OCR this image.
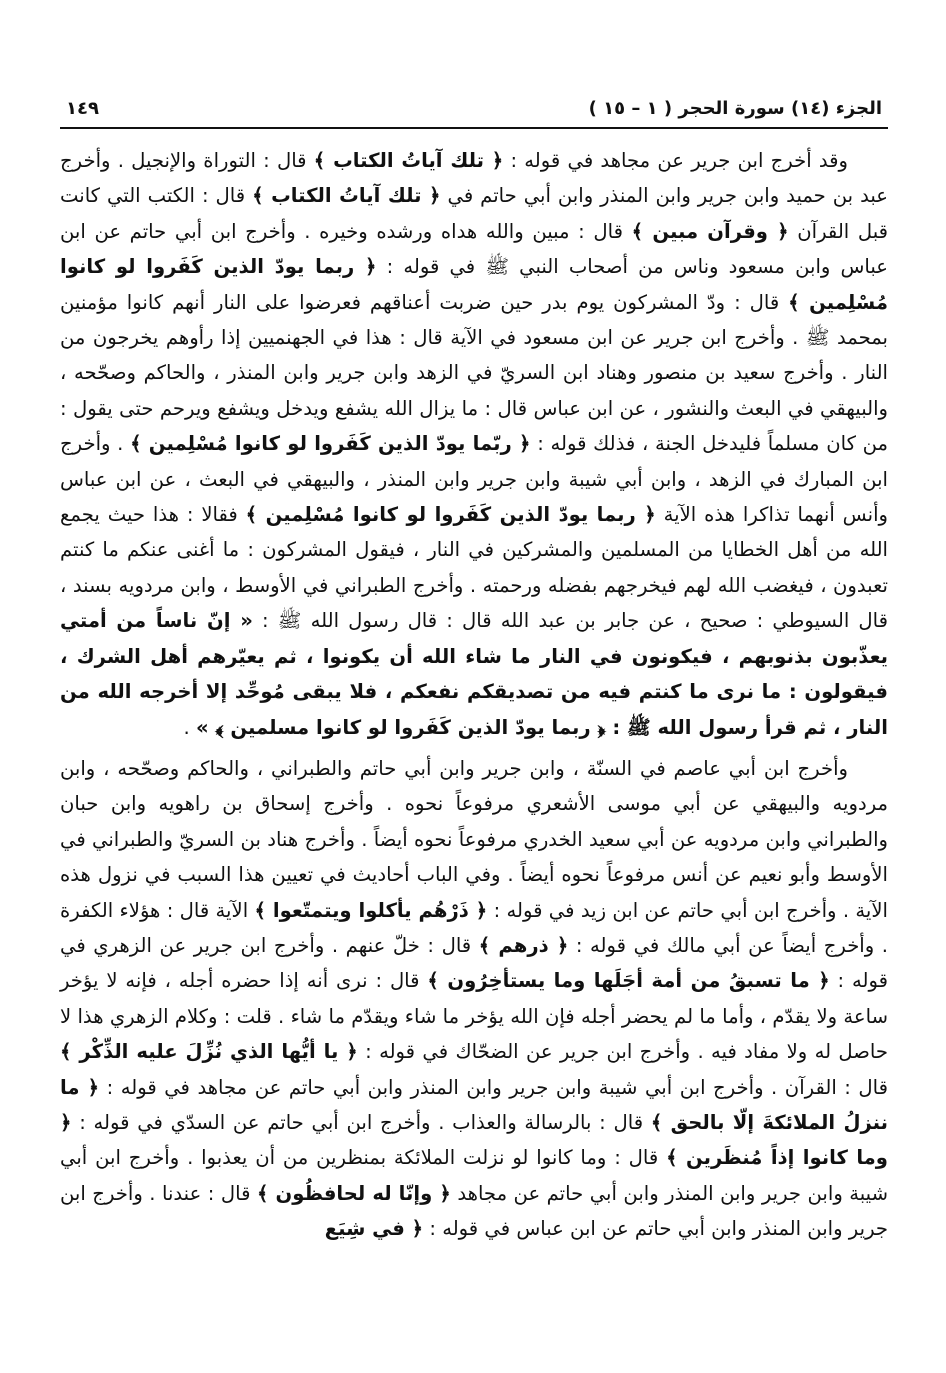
الجزء (١٤) سورة الحجر ( ١ – ١٥ )
١٤٩

وقد أخرج ابن جرير عن مجاهد في قوله : ﴿ تلك آياتُ الكتاب ﴾ قال : التوراة والإنجيل . وأخرج عبد بن حميد وابن جرير وابن المنذر وابن أبي حاتم في ﴿ تلك آياتُ الكتاب ﴾ قال : الكتب التي كانت قبل القرآن ﴿ وقرآن مبين ﴾ قال : مبين والله هداه ورشده وخيره . وأخرج ابن أبي حاتم عن ابن عباس وابن مسعود وناس من أصحاب النبي ﷺ في قوله : ﴿ ربما يودّ الذين كَفَروا لو كانوا مُسْلِمين ﴾ قال : ودّ المشركون يوم بدر حين ضربت أعناقهم فعرضوا على النار أنهم كانوا مؤمنين بمحمد ﷺ . وأخرج ابن جرير عن ابن مسعود في الآية قال : هذا في الجهنميين إذا رأوهم يخرجون من النار . وأخرج سعيد بن منصور وهناد ابن السريّ في الزهد وابن جرير وابن المنذر ، والحاكم وصحّحه ، والبيهقي في البعث والنشور ، عن ابن عباس قال : ما يزال الله يشفع ويدخل ويشفع ويرحم حتى يقول : من كان مسلماً فليدخل الجنة ، فذلك قوله : ﴿ ربّما يودّ الذين كَفَروا لو كانوا مُسْلِمين ﴾ . وأخرج ابن المبارك في الزهد ، وابن أبي شيبة وابن جرير وابن المنذر ، والبيهقي في البعث ، عن ابن عباس وأنس أنهما تذاكرا هذه الآية ﴿ ربما يودّ الذين كَفَروا لو كانوا مُسْلِمين ﴾ فقالا : هذا حيث يجمع الله من أهل الخطايا من المسلمين والمشركين في النار ، فيقول المشركون : ما أغنى عنكم ما كنتم تعبدون ، فيغضب الله لهم فيخرجهم بفضله ورحمته . وأخرج الطبراني في الأوسط ، وابن مردويه بسند ، قال السيوطي : صحيح ، عن جابر بن عبد الله قال : قال رسول الله ﷺ : « إنّ ناساً من أمتي يعذّبون بذنوبهم ، فيكونون في النار ما شاء الله أن يكونوا ، ثم يعيّرهم أهل الشرك ، فيقولون : ما نرى ما كنتم فيه من تصديقكم نفعكم ، فلا يبقى مُوحِّد إلا أخرجه الله من النار ، ثم قرأ رسول الله ﷺ : ﴿ ربما يودّ الذين كَفَروا لو كانوا مسلمين ﴾ » .

وأخرج ابن أبي عاصم في السنّة ، وابن جرير وابن أبي حاتم والطبراني ، والحاكم وصحّحه ، وابن مردويه والبيهقي عن أبي موسى الأشعري مرفوعاً نحوه . وأخرج إسحاق بن راهويه وابن حبان والطبراني وابن مردويه عن أبي سعيد الخدري مرفوعاً نحوه أيضاً . وأخرج هناد بن السريّ والطبراني في الأوسط وأبو نعيم عن أنس مرفوعاً نحوه أيضاً . وفي الباب أحاديث في تعيين هذا السبب في نزول هذه الآية . وأخرج ابن أبي حاتم عن ابن زيد في قوله : ﴿ ذَرْهُم يأكلوا ويتمتّعوا ﴾ الآية قال : هؤلاء الكفرة . وأخرج أيضاً عن أبي مالك في قوله : ﴿ ذرهم ﴾ قال : خلّ عنهم . وأخرج ابن جرير عن الزهري في قوله : ﴿ ما تسبقُ من أمة أجَلَها وما يستأخِرُون ﴾ قال : نرى أنه إذا حضره أجله ، فإنه لا يؤخر ساعة ولا يقدّم ، وأما ما لم يحضر أجله فإن الله يؤخر ما شاء ويقدّم ما شاء . قلت : وكلام الزهري هذا لا حاصل له ولا مفاد فيه . وأخرج ابن جرير عن الضحّاك في قوله : ﴿ يا أيُّها الذي نُزِّلَ عليه الذِّكْر ﴾ قال : القرآن . وأخرج ابن أبي شيبة وابن جرير وابن المنذر وابن أبي حاتم عن مجاهد في قوله : ﴿ ما ننزلُ الملائكةَ إلّا بالحق ﴾ قال : بالرسالة والعذاب . وأخرج ابن أبي حاتم عن السدّي في قوله : ﴿ وما كانوا إذاً مُنظَرين ﴾ قال : وما كانوا لو نزلت الملائكة بمنظرين من أن يعذبوا . وأخرج ابن أبي شيبة وابن جرير وابن المنذر وابن أبي حاتم عن مجاهد ﴿ وإنّا له لحافظُون ﴾ قال : عندنا . وأخرج ابن جرير وابن المنذر وابن أبي حاتم عن ابن عباس في قوله : ﴿ في شِيَع
